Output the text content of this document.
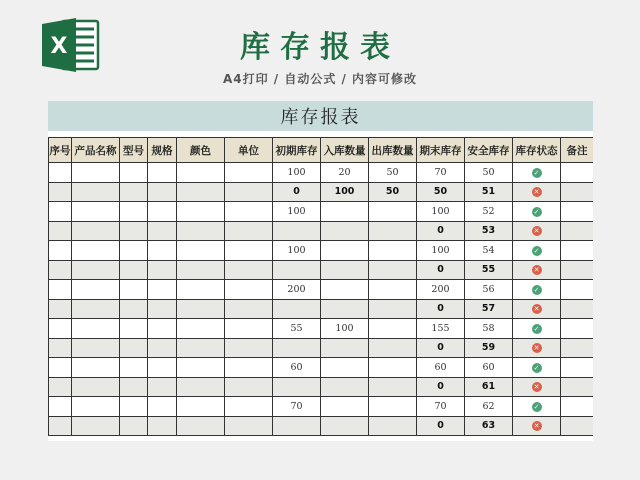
X	库存报表
A4打印 / 自动公式 / 内容可修改
库存报表
序号	产品名称	型号	规格	颜色	单位	初期库存	入库数量	出库数量	期末库存	安全库存	库存状态	备注
						100	20	50	70	50	✓	
						0	100	50	50	51	✕	
						100			100	52	✓	
									0	53	✕	
						100			100	54	✓	
									0	55	✕	
						200			200	56	✓	
									0	57	✕	
						55	100		155	58	✓	
									0	59	✕	
						60			60	60	✓	
									0	61	✕	
						70			70	62	✓	
									0	63	✕	
